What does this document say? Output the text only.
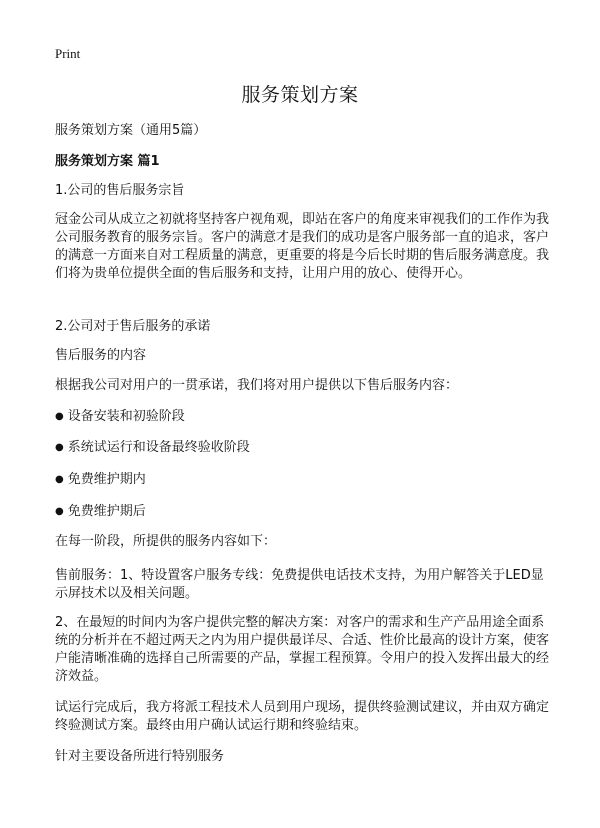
Print
服务策划方案

服务策划方案（通用5篇）

服务策划方案 篇1

1.公司的售后服务宗旨

冠金公司从成立之初就将坚持客户视角观，即站在客户的角度来审视我们的工作作为我公司服务教育的服务宗旨。客户的满意才是我们的成功是客户服务部一直的追求，客户的满意一方面来自对工程质量的满意，更重要的将是今后长时期的售后服务满意度。我们将为贵单位提供全面的售后服务和支持，让用户用的放心、使得开心。

2.公司对于售后服务的承诺

售后服务的内容

根据我公司对用户的一贯承诺，我们将对用户提供以下售后服务内容：

● 设备安装和初验阶段

● 系统试运行和设备最终验收阶段

● 免费维护期内

● 免费维护期后

在每一阶段，所提供的服务内容如下：

售前服务：1、特设置客户服务专线：免费提供电话技术支持，为用户解答关于LED显示屏技术以及相关问题。

2、在最短的时间内为客户提供完整的解决方案：对客户的需求和生产产品用途全面系统的分析并在不超过两天之内为用户提供最详尽、合适、性价比最高的设计方案，使客户能清晰准确的选择自己所需要的产品，掌握工程预算。令用户的投入发挥出最大的经济效益。

试运行完成后，我方将派工程技术人员到用户现场，提供终验测试建议，并由双方确定终验测试方案。最终由用户确认试运行期和终验结束。

针对主要设备所进行特别服务
